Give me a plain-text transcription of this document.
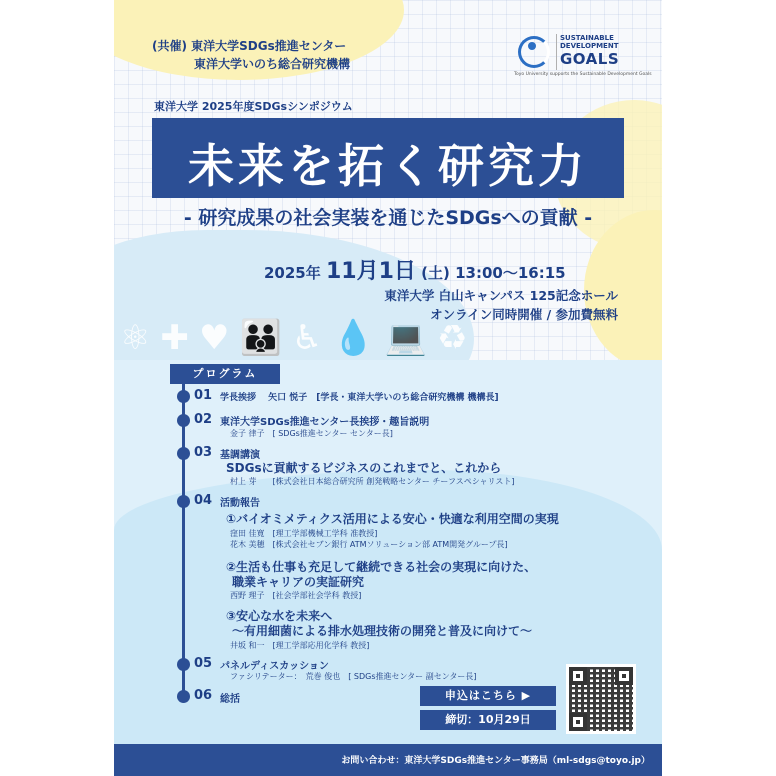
⚛✚♥👪♿💧💻♻
(共催) 東洋大学SDGs推進センター
東洋大学いのち総合研究機構
SUSTAINABLE
DEVELOPMENT
GOALS
Toyo University supports the Sustainable Development Goals
東洋大学 2025年度SDGsシンポジウム
未来を拓く研究力
- 研究成果の社会実装を通じたSDGsへの貢献 -
2025年 11月1日 (土) 13:00〜16:15
東洋大学 白山キャンパス 125記念ホール
オンライン同時開催 / 参加費無料
プログラム
01 学長挨拶　 矢口 悦子　[学長・東洋大学いのち総合研究機構 機構長]
02 東洋大学SDGs推進センター長挨拶・趣旨説明
金子 律子　[ SDGs推進センター センター長]
03 基調講演
SDGsに貢献するビジネスのこれまでと、これから
村上 芽　　[株式会社日本総合研究所 創発戦略センター チーフスペシャリスト]
04 活動報告
①バイオミメティクス活用による安心・快適な利用空間の実現
窪田 佳寛　[理工学部機械工学科 准教授]
花木 美穂　[株式会社セブン銀行 ATMソリューション部 ATM開発グループ長]
②生活も仕事も充足して継続できる社会の実現に向けた、
職業キャリアの実証研究
西野 理子　[社会学部社会学科 教授]
③安心な水を未来へ
〜有用細菌による排水処理技術の開発と普及に向けて〜
井坂 和一　[理工学部応用化学科 教授]
05 パネルディスカッション
ファシリテーター：　荒巻 俊也　[ SDGs推進センター 副センター長]
06 総括	申込はこちら ▶
締切：10月29日
お問い合わせ：東洋大学SDGs推進センター事務局（ml-sdgs@toyo.jp）
